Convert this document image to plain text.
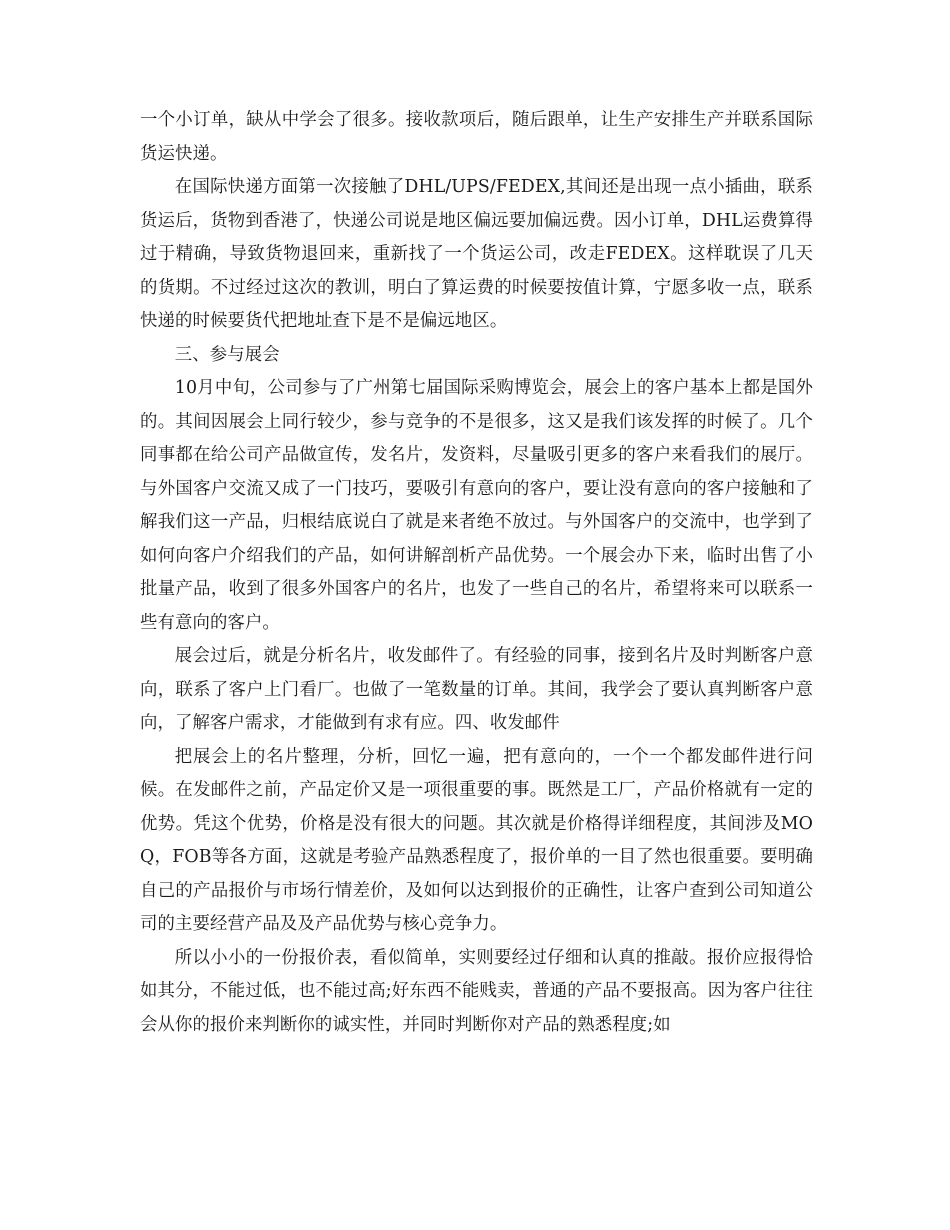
一个小订单，缺从中学会了很多。接收款项后，随后跟单，让生产安排生产并联系国际货运快递。

在国际快递方面第一次接触了DHL/UPS/FEDEX,其间还是出现一点小插曲，联系货运后，货物到香港了，快递公司说是地区偏远要加偏远费。因小订单，DHL运费算得过于精确，导致货物退回来，重新找了一个货运公司，改走FEDEX。这样耽误了几天的货期。不过经过这次的教训，明白了算运费的时候要按值计算，宁愿多收一点，联系快递的时候要货代把地址查下是不是偏远地区。

三、参与展会

10月中旬，公司参与了广州第七届国际采购博览会，展会上的客户基本上都是国外的。其间因展会上同行较少，参与竞争的不是很多，这又是我们该发挥的时候了。几个同事都在给公司产品做宣传，发名片，发资料，尽量吸引更多的客户来看我们的展厅。与外国客户交流又成了一门技巧，要吸引有意向的客户，要让没有意向的客户接触和了解我们这一产品，归根结底说白了就是来者绝不放过。与外国客户的交流中，也学到了如何向客户介绍我们的产品，如何讲解剖析产品优势。一个展会办下来，临时出售了小批量产品，收到了很多外国客户的名片，也发了一些自己的名片，希望将来可以联系一些有意向的客户。

展会过后，就是分析名片，收发邮件了。有经验的同事，接到名片及时判断客户意向，联系了客户上门看厂。也做了一笔数量的订单。其间，我学会了要认真判断客户意向，了解客户需求，才能做到有求有应。四、收发邮件

把展会上的名片整理，分析，回忆一遍，把有意向的，一个一个都发邮件进行问候。在发邮件之前，产品定价又是一项很重要的事。既然是工厂，产品价格就有一定的优势。凭这个优势，价格是没有很大的问题。其次就是价格得详细程度，其间涉及MOQ，FOB等各方面，这就是考验产品熟悉程度了，报价单的一目了然也很重要。要明确自己的产品报价与市场行情差价，及如何以达到报价的正确性，让客户查到公司知道公司的主要经营产品及及产品优势与核心竞争力。

所以小小的一份报价表，看似简单，实则要经过仔细和认真的推敲。报价应报得恰如其分，不能过低，也不能过高;好东西不能贱卖，普通的产品不要报高。因为客户往往会从你的报价来判断你的诚实性，并同时判断你对产品的熟悉程度;如
